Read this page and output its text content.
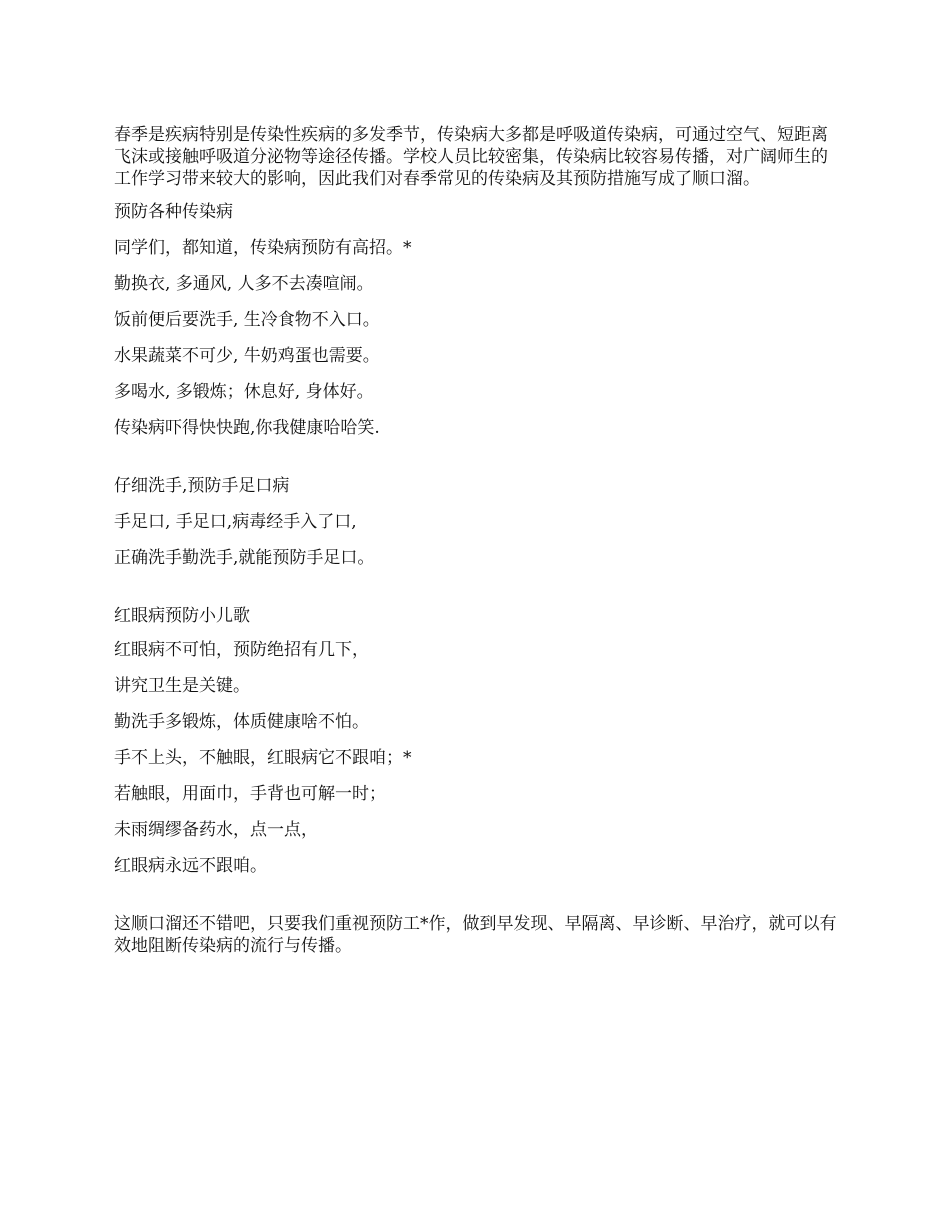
春季是疾病特别是传染性疾病的多发季节，传染病大多都是呼吸道传染病，可通过空气、短距离飞沫或接触呼吸道分泌物等途径传播。学校人员比较密集，传染病比较容易传播，对广阔师生的工作学习带来较大的影响，因此我们对春季常见的传染病及其预防措施写成了顺口溜。

预防各种传染病

同学们，都知道，传染病预防有高招。*

勤换衣, 多通风, 人多不去凑喧闹。

饭前便后要洗手, 生冷食物不入口。

水果蔬菜不可少, 牛奶鸡蛋也需要。

多喝水, 多锻炼；休息好, 身体好。

传染病吓得快快跑,你我健康哈哈笑.

仔细洗手,预防手足口病

手足口, 手足口,病毒经手入了口,

正确洗手勤洗手,就能预防手足口。

红眼病预防小儿歌

红眼病不可怕，预防绝招有几下，

讲究卫生是关键。

勤洗手多锻炼，体质健康啥不怕。

手不上头，不触眼，红眼病它不跟咱；*

若触眼，用面巾，手背也可解一时；

未雨绸缪备药水，点一点，

红眼病永远不跟咱。

这顺口溜还不错吧，只要我们重视预防工*作，做到早发现、早隔离、早诊断、早治疗，就可以有效地阻断传染病的流行与传播。
